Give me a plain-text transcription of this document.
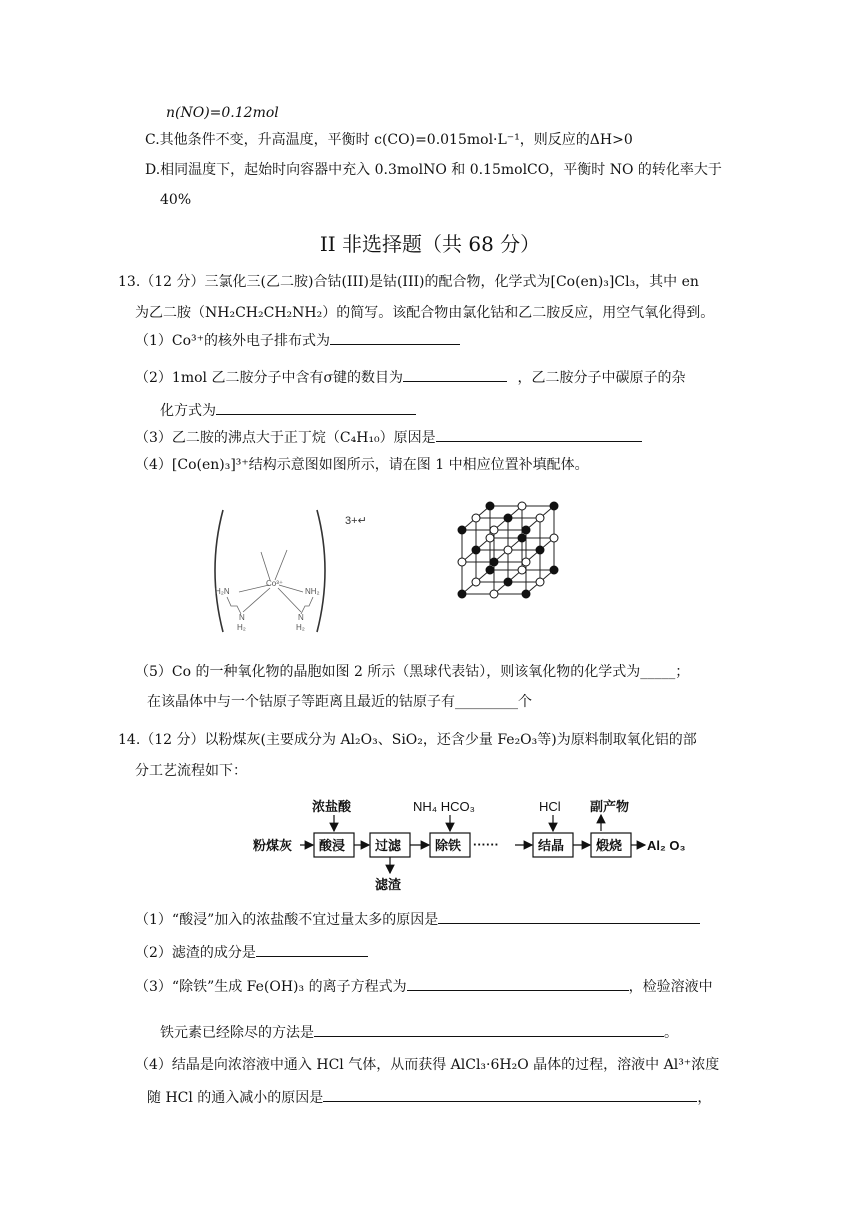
n(NO)=0.12mol
C.其他条件不变，升高温度，平衡时 c(CO)=0.015mol·L⁻¹，则反应的ΔH>0
D.相同温度下，起始时向容器中充入 0.3molNO 和 0.15molCO，平衡时 NO 的转化率大于
40%
II 非选择题（共 68 分）
13.（12 分）三氯化三(乙二胺)合钴(III)是钴(III)的配合物，化学式为[Co(en)₃]Cl₃，其中 en
为乙二胺（NH₂CH₂CH₂NH₂）的简写。该配合物由氯化钴和乙二胺反应，用空气氧化得到。
（1）Co³⁺的核外电子排布式为
（2）1mol 乙二胺分子中含有σ键的数目为	，乙二胺分子中碳原子的杂
化方式为
（3）乙二胺的沸点大于正丁烷（C₄H₁₀）原因是
（4）[Co(en)₃]³⁺结构示意图如图所示，请在图 1 中相应位置补填配体。
3+↵
Co³⁺
H₂N
N
H₂
NH₂
N
H₂
（5）Co 的一种氧化物的晶胞如图 2 所示（黑球代表钴），则该氧化物的化学式为_____；
在该晶体中与一个钴原子等距离且最近的钴原子有_________个
14.（12 分）以粉煤灰(主要成分为 Al₂O₃、SiO₂，还含少量 Fe₂O₃等)为原料制取氧化铝的部
分工艺流程如下：
粉煤灰 酸浸
浓盐酸
过滤
滤渣
除铁
NH₄ HCO₃
······	结晶
HCl
煅烧
副产物
Al₂ O₃
（1）“酸浸”加入的浓盐酸不宜过量太多的原因是
（2）滤渣的成分是
（3）“除铁”生成 Fe(OH)₃ 的离子方程式为	，检验溶液中
铁元素已经除尽的方法是	。
（4）结晶是向浓溶液中通入 HCl 气体，从而获得 AlCl₃·6H₂O 晶体的过程，溶液中 Al³⁺浓度
随 HCl 的通入减小的原因是	，
